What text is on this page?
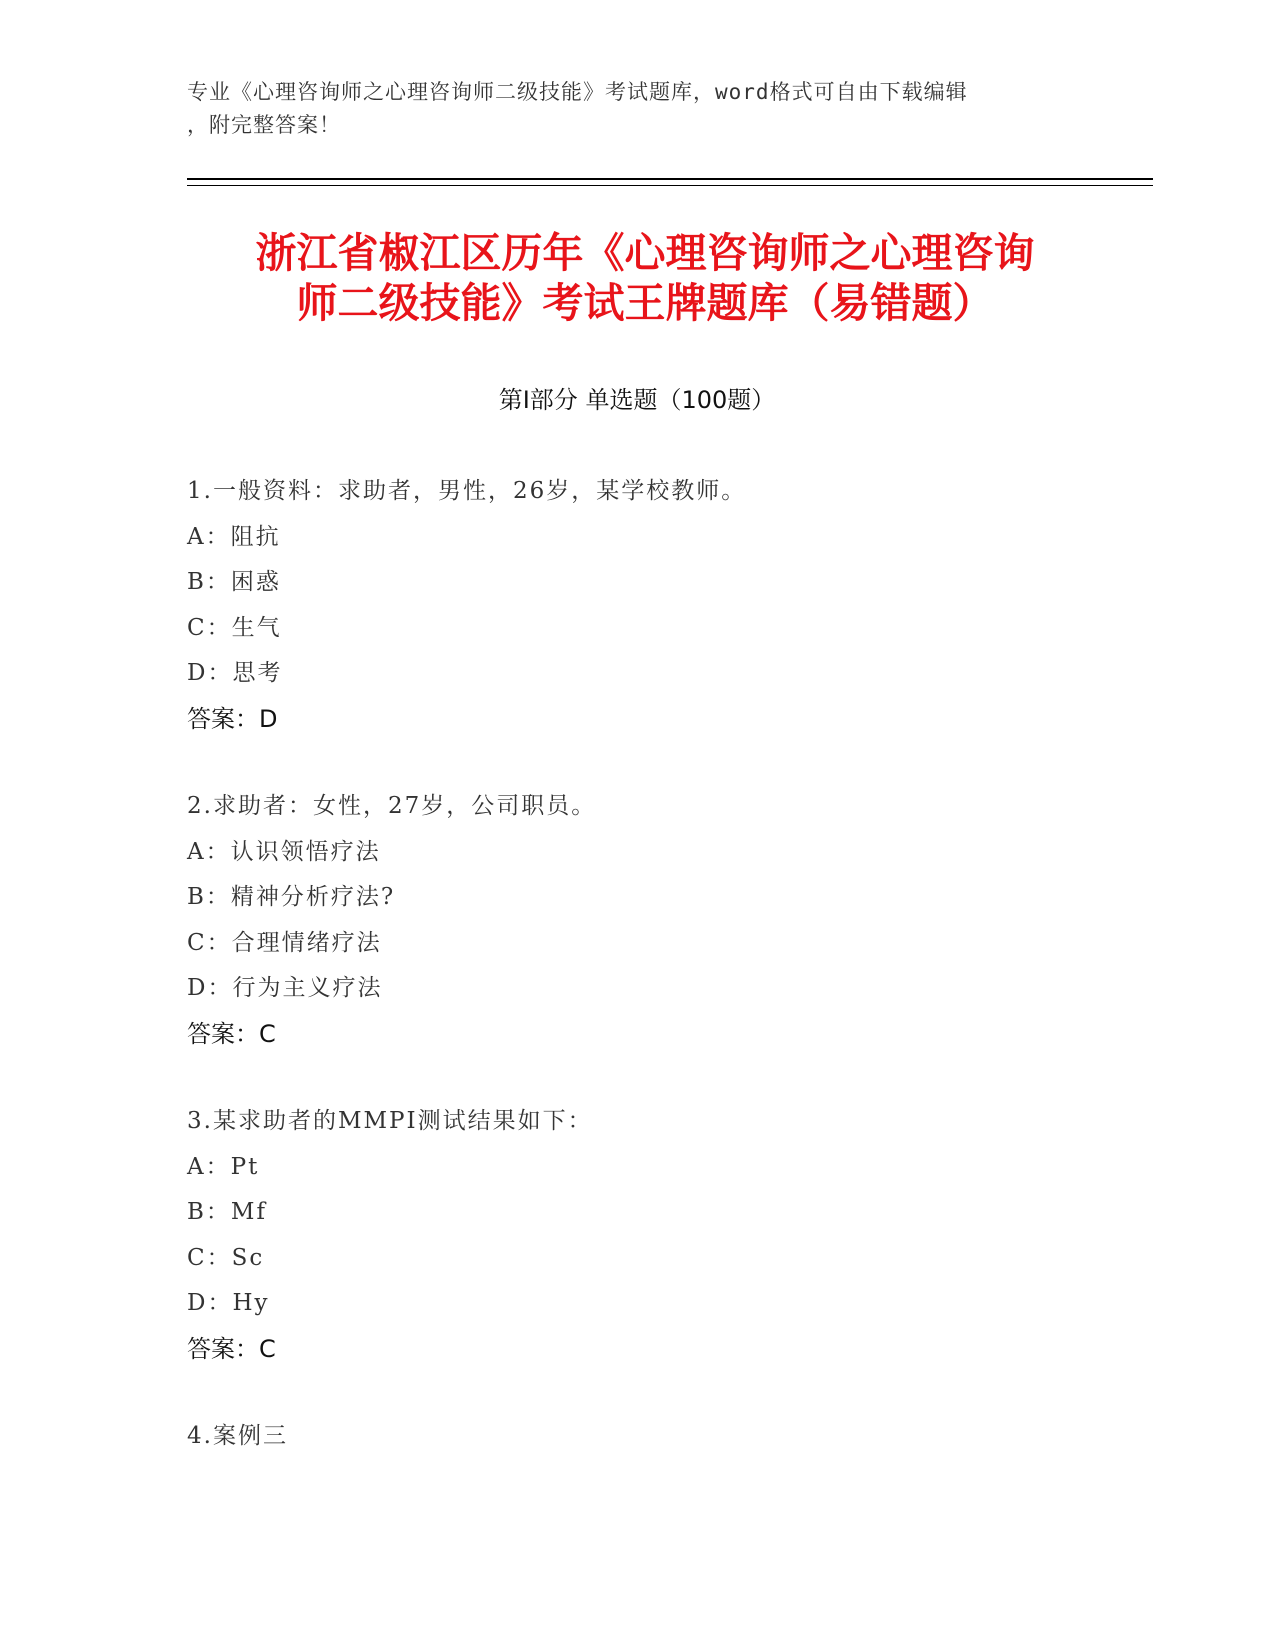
专业《心理咨询师之心理咨询师二级技能》考试题库，word格式可自由下载编辑
，附完整答案！
浙江省椒江区历年《心理咨询师之心理咨询
师二级技能》考试王牌题库（易错题）
第Ⅰ部分 单选题（100题）
1.一般资料：求助者，男性，26岁，某学校教师。
A：阻抗
B：困惑
C：生气
D：思考
答案：D
2.求助者：女性，27岁，公司职员。
A：认识领悟疗法
B：精神分析疗法?
C：合理情绪疗法
D：行为主义疗法
答案：C
3.某求助者的MMPI测试结果如下：
A：Pt
B：Mf
C：Sc
D：Hy
答案：C
4.案例三
